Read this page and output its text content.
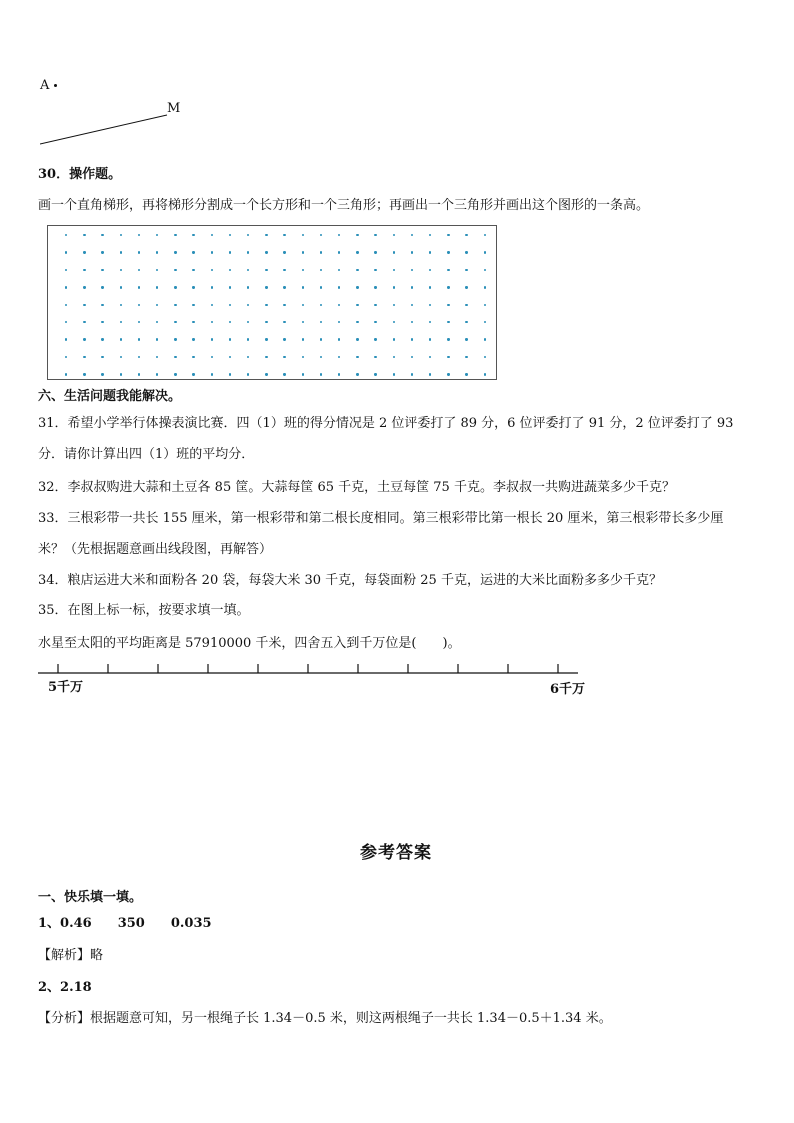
A
M
30．操作题。
画一个直角梯形，再将梯形分割成一个长方形和一个三角形；再画出一个三角形并画出这个图形的一条高。
六、生活问题我能解决。
31．希望小学举行体操表演比赛．四（1）班的得分情况是 2 位评委打了 89 分，6 位评委打了 91 分，2 位评委打了 93
分．请你计算出四（1）班的平均分．
32．李叔叔购进大蒜和土豆各 85 筐。大蒜每筐 65 千克，土豆每筐 75 千克。李叔叔一共购进蔬菜多少千克？
33．三根彩带一共长 155 厘米，第一根彩带和第二根长度相同。第三根彩带比第一根长 20 厘米，第三根彩带长多少厘
米？（先根据题意画出线段图，再解答）
34．粮店运进大米和面粉各 20 袋，每袋大米 30 千克，每袋面粉 25 千克，运进的大米比面粉多多少千克？
35．在图上标一标，按要求填一填。
水星至太阳的平均距离是 57910000 千米，四舍五入到千万位是(　　)。
5千万	6千万
参考答案
一、快乐填一填。
1、0.46 350 0.035
【解析】略
2、2.18
【分析】根据题意可知，另一根绳子长 1.34－0.5 米，则这两根绳子一共长 1.34－0.5＋1.34 米。
